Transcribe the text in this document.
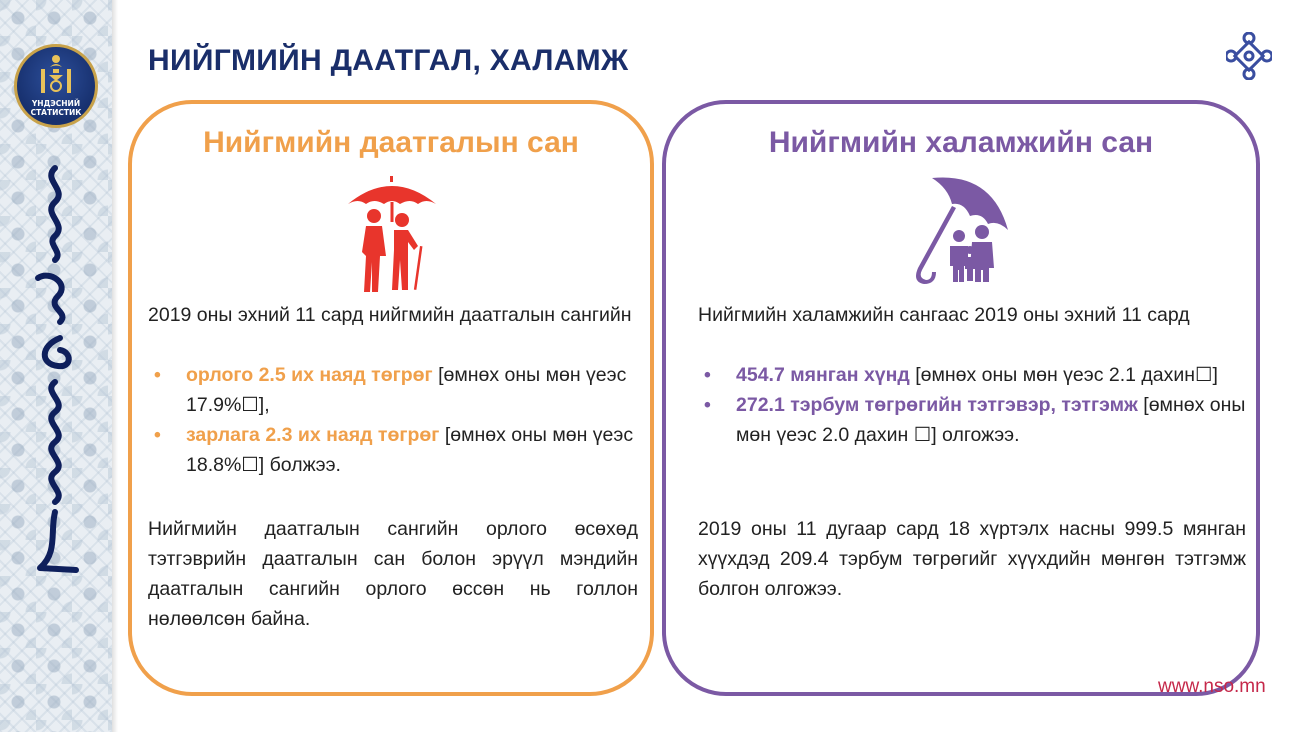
ҮНДЭСНИЙ
СТАТИСТИК
НИЙГМИЙН ДААТГАЛ, ХАЛАМЖ
Нийгмийн даатгалын сан

2019 оны эхний 11 сард нийгмийн даатгалын сангийн

• орлого 2.5 их наяд төгрөг [өмнөх оны мөн үеэс 17.9%☐],
• зарлага 2.3 их наяд төгрөг [өмнөх оны мөн үеэс 18.8%☐] болжээ.

Нийгмийн даатгалын сангийн орлого өсөхөд тэтгэврийн даатгалын сан болон эрүүл мэндийн даатгалын сангийн орлого өссөн нь голлон нөлөөлсөн байна.

Нийгмийн халамжийн сан

Нийгмийн халамжийн сангаас 2019 оны эхний 11 сард

• 454.7 мянган хүнд [өмнөх оны мөн үеэс 2.1 дахин☐]
• 272.1 тэрбум төгрөгийн тэтгэвэр, тэтгэмж [өмнөх оны мөн үеэс 2.0 дахин ☐] олгожээ.

2019 оны 11 дугаар сард 18 хүртэлх насны 999.5 мянган хүүхдэд 209.4 тэрбум төгрөгийг хүүхдийн мөнгөн тэтгэмж болгон олгожээ.

www.nso.mn
